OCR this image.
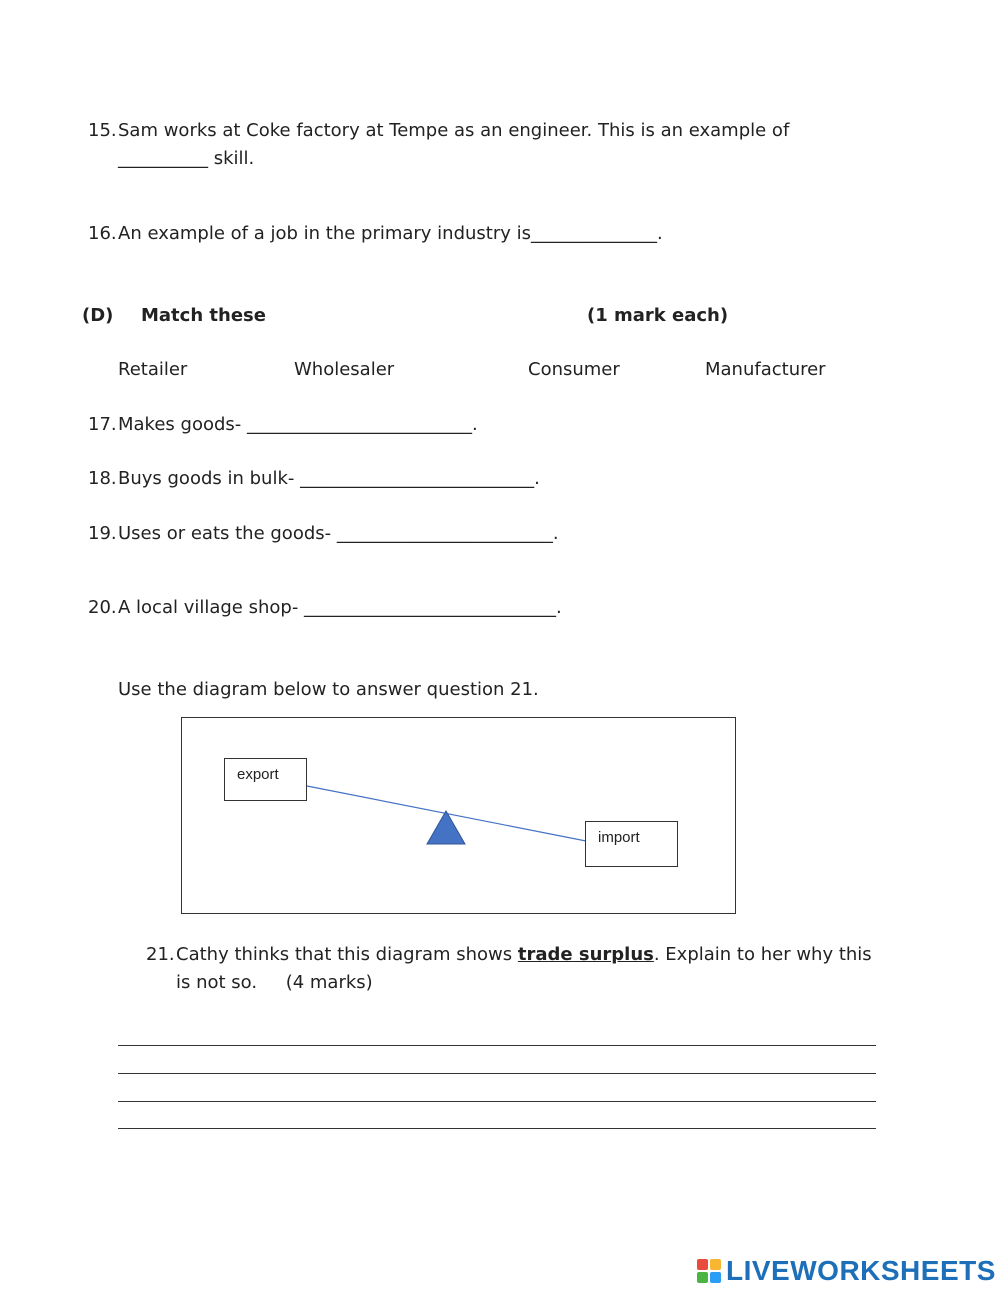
15. Sam works at Coke factory at Tempe as an engineer. This is an example of
__________ skill.
16. An example of a job in the primary industry is______________.
(D) Match these	(1 mark each)
Retailer	Wholesaler	Consumer	Manufacturer
17. Makes goods- _________________________.
18. Buys goods in bulk- __________________________.
19. Uses or eats the goods- ________________________.
20. A local village shop- ____________________________.
Use the diagram below to answer question 21.
export
import
21. Cathy thinks that this diagram shows trade surplus. Explain to her why this
is not so.     (4 marks)
LIVEWORKSHEETS
